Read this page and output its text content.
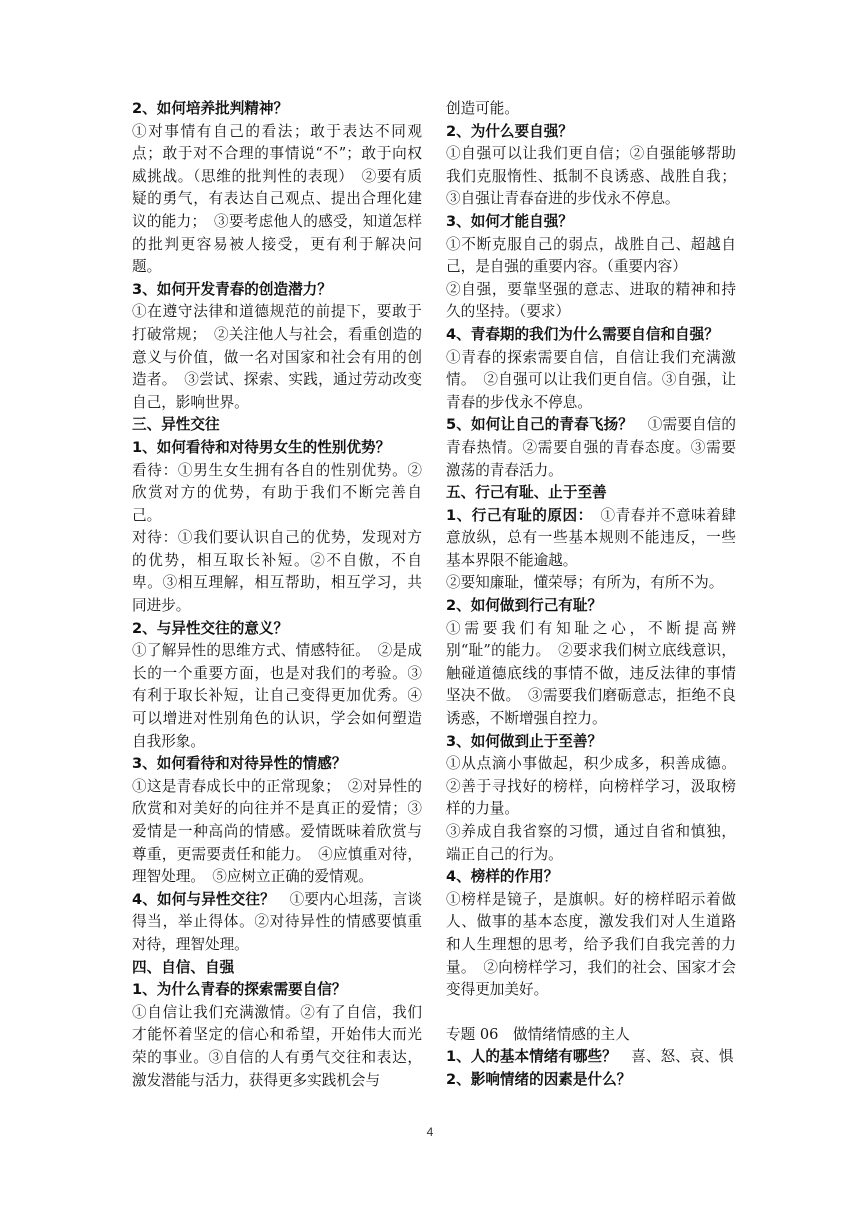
2、如何培养批判精神？

①对事情有自己的看法；敢于表达不同观点；敢于对不合理的事情说“不”；敢于向权威挑战。（思维的批判性的表现）　②要有质疑的勇气，有表达自己观点、提出合理化建议的能力；　③要考虑他人的感受，知道怎样的批判更容易被人接受，更有利于解决问题。

3、如何开发青春的创造潜力？

①在遵守法律和道德规范的前提下，要敢于打破常规；　②关注他人与社会，看重创造的意义与价值，做一名对国家和社会有用的创造者。　③尝试、探索、实践，通过劳动改变自己，影响世界。

三、异性交往

1、如何看待和对待男女生的性别优势？

看待：①男生女生拥有各自的性别优势。②欣赏对方的优势，有助于我们不断完善自己。

对待：①我们要认识自己的优势，发现对方的优势，相互取长补短。②不自傲，不自卑。③相互理解，相互帮助，相互学习，共同进步。

2、与异性交往的意义？

①了解异性的思维方式、情感特征。　②是成长的一个重要方面，也是对我们的考验。③有利于取长补短，让自己变得更加优秀。④可以增进对性别角色的认识，学会如何塑造自我形象。

3、如何看待和对待异性的情感？

①这是青春成长中的正常现象；　②对异性的欣赏和对美好的向往并不是真正的爱情；③爱情是一种高尚的情感。爱情既味着欣赏与尊重，更需要责任和能力。　④应慎重对待，理智处理。　⑤应树立正确的爱情观。

4、如何与异性交往？　①要内心坦荡，言谈得当，举止得体。②对待异性的情感要慎重对待，理智处理。

四、自信、自强

1、为什么青春的探索需要自信？

①自信让我们充满激情。②有了自信，我们才能怀着坚定的信心和希望，开始伟大而光荣的事业。③自信的人有勇气交往和表达，激发潜能与活力，获得更多实践机会与

创造可能。

2、为什么要自强？

①自强可以让我们更自信；②自强能够帮助我们克服惰性、抵制不良诱惑、战胜自我；③自强让青春奋进的步伐永不停息。

3、如何才能自强？

①不断克服自己的弱点，战胜自己、超越自己，是自强的重要内容。（重要内容）

②自强，要靠坚强的意志、进取的精神和持久的坚持。（要求）

4、青春期的我们为什么需要自信和自强？

①青春的探索需要自信，自信让我们充满激情。　②自强可以让我们更自信。③自强，让青春的步伐永不停息。

5、如何让自己的青春飞扬？　①需要自信的青春热情。②需要自强的青春态度。③需要激荡的青春活力。

五、行己有耻、止于至善

1、行己有耻的原因：　①青春并不意味着肆意放纵，总有一些基本规则不能违反，一些基本界限不能逾越。

②要知廉耻，懂荣辱；有所为，有所不为。

2、如何做到行己有耻？

①需要我们有知耻之心，不断提高辨别“耻”的能力。　②要求我们树立底线意识，触碰道德底线的事情不做，违反法律的事情坚决不做。　③需要我们磨砺意志，拒绝不良诱惑，不断增强自控力。

3、如何做到止于至善？

①从点滴小事做起，积少成多，积善成德。②善于寻找好的榜样，向榜样学习，汲取榜样的力量。

③养成自我省察的习惯，通过自省和慎独，端正自己的行为。

4、榜样的作用？

①榜样是镜子，是旗帜。好的榜样昭示着做人、做事的基本态度，激发我们对人生道路和人生理想的思考，给予我们自我完善的力量。　②向榜样学习，我们的社会、国家才会变得更加美好。

专题 06　做情绪情感的主人

1、人的基本情绪有哪些？　喜、怒、哀、惧

2、影响情绪的因素是什么？

4
